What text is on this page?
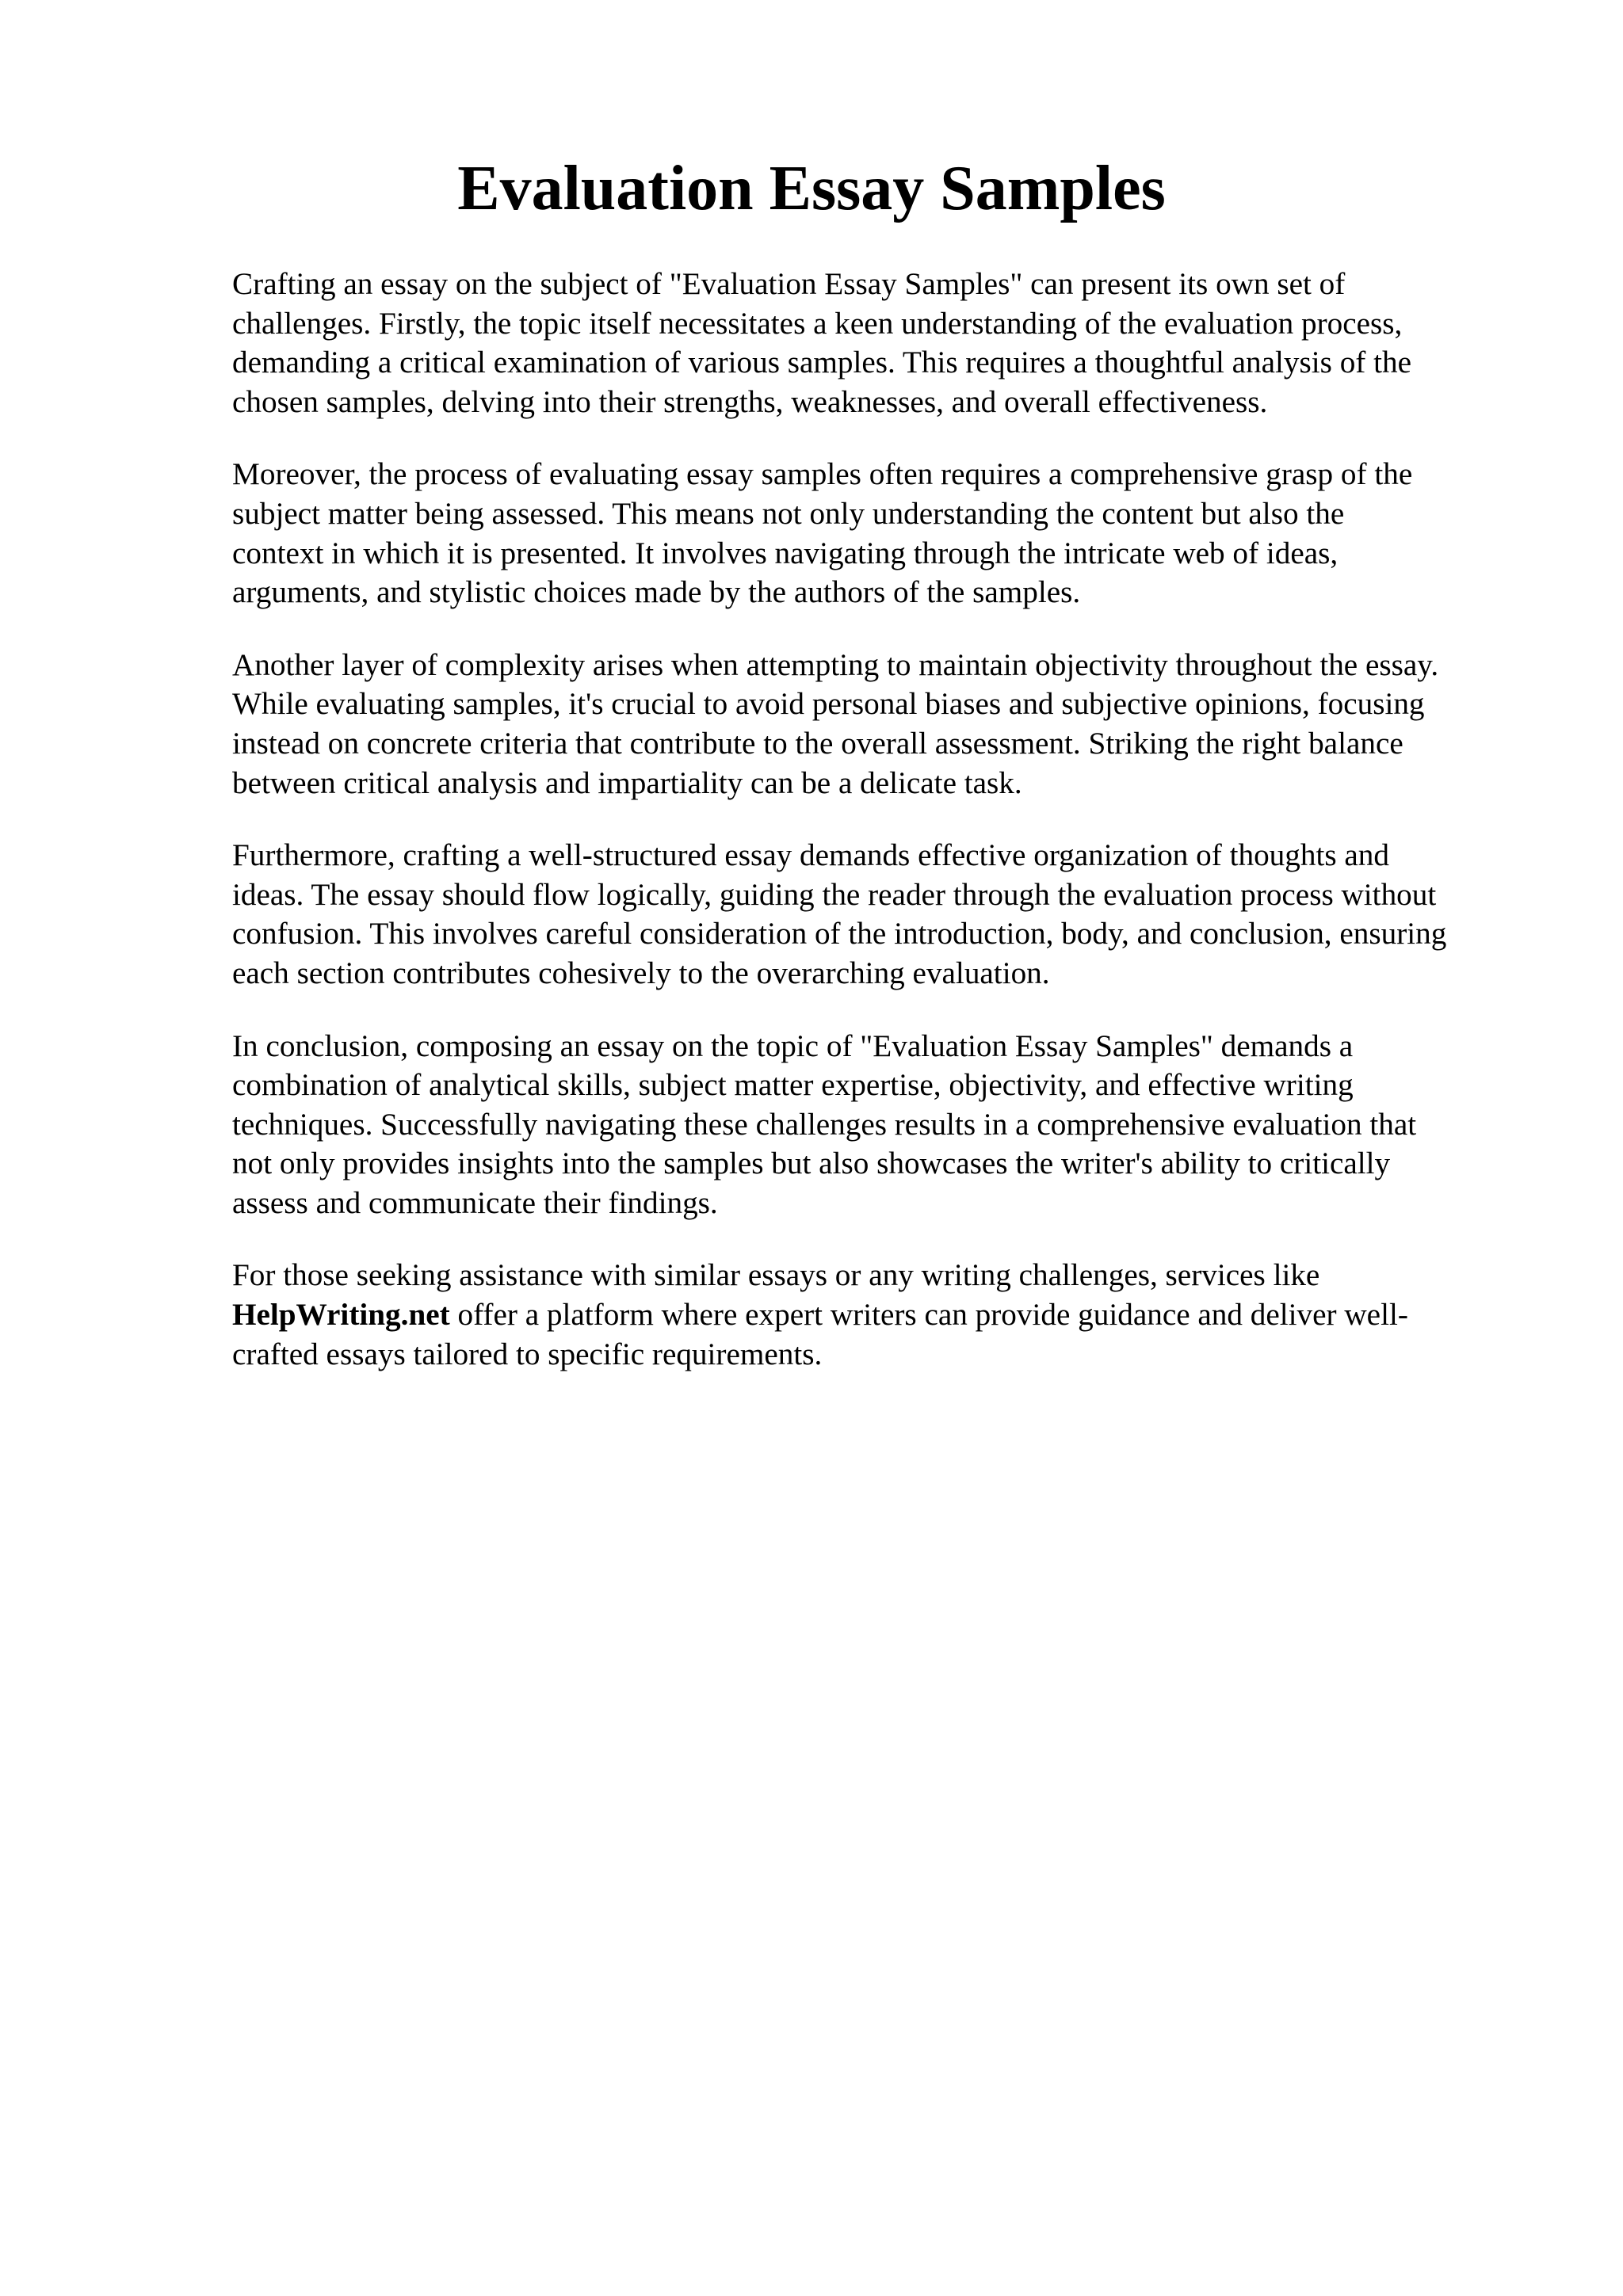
Evaluation Essay Samples

Crafting an essay on the subject of "Evaluation Essay Samples" can present its own set of
challenges. Firstly, the topic itself necessitates a keen understanding of the evaluation process,
demanding a critical examination of various samples. This requires a thoughtful analysis of the
chosen samples, delving into their strengths, weaknesses, and overall effectiveness.

Moreover, the process of evaluating essay samples often requires a comprehensive grasp of the
subject matter being assessed. This means not only understanding the content but also the
context in which it is presented. It involves navigating through the intricate web of ideas,
arguments, and stylistic choices made by the authors of the samples.

Another layer of complexity arises when attempting to maintain objectivity throughout the essay.
While evaluating samples, it's crucial to avoid personal biases and subjective opinions, focusing
instead on concrete criteria that contribute to the overall assessment. Striking the right balance
between critical analysis and impartiality can be a delicate task.

Furthermore, crafting a well-structured essay demands effective organization of thoughts and
ideas. The essay should flow logically, guiding the reader through the evaluation process without
confusion. This involves careful consideration of the introduction, body, and conclusion, ensuring
each section contributes cohesively to the overarching evaluation.

In conclusion, composing an essay on the topic of "Evaluation Essay Samples" demands a
combination of analytical skills, subject matter expertise, objectivity, and effective writing
techniques. Successfully navigating these challenges results in a comprehensive evaluation that
not only provides insights into the samples but also showcases the writer's ability to critically
assess and communicate their findings.

For those seeking assistance with similar essays or any writing challenges, services like
HelpWriting.net offer a platform where expert writers can provide guidance and deliver well-
crafted essays tailored to specific requirements.
